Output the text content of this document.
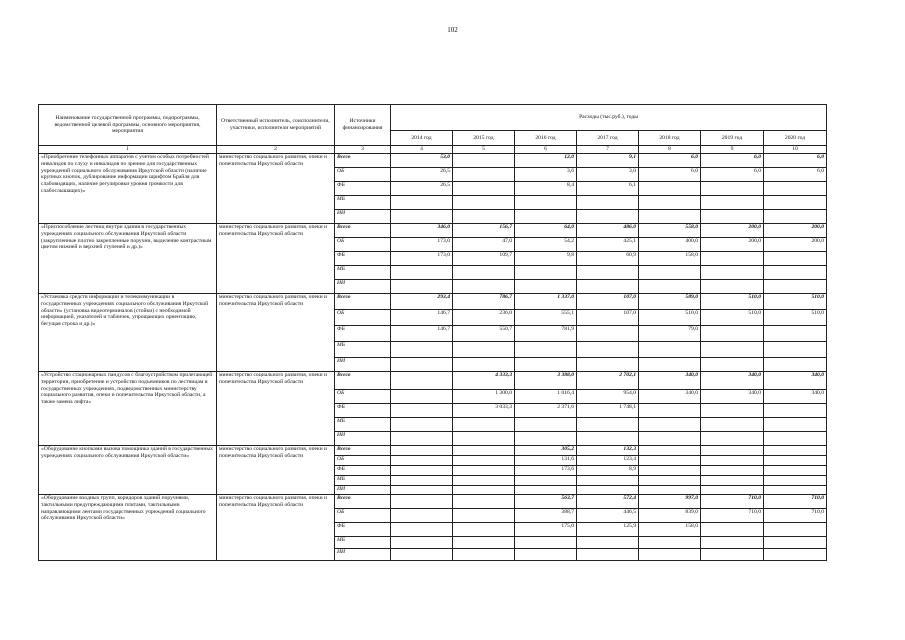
102
Наименование государственной программы, подпрограммы, ведомственной целевой программы, основного мероприятия, мероприятия	Ответственный исполнитель, соисполнители, участники, исполнители мероприятий	Источники финансирования	Расходы (тыс.руб.), годы						
			2014 год	2015 год	2016 год	2017 год	2018 год	2019 год	2020 год
1	2	3	4	5	6	7	8	9	10
«Приобретение телефонных аппаратов с учетом особых потребностей инвалидов по слуху и инвалидов по зрению для государственных учреждений социального обслуживания Иркутской области (наличие крупных кнопок, дублирование информации шрифтом Брайля для слабовидящих, наличие регулировки уровня громкости для слабослышащих)»	министерство социального развития, опеки и попечительства Иркутской области	Всего	53,0		12,0	9,1	6,0	6,0	6,0
		ОБ	26,5		3,6	3,0	6,0	6,0	6,0
		ФБ	26,5		8,4	6,1			
		МБ							
		ИИ							
«Приспособление лестниц внутри здания в государственных учреждениях социального обслуживания Иркутской области (закрупленные плотно закрепленные поручни, выделение контрастным цветом нижней и верхней ступеней и др.)»	министерство социального развития, опеки и попечительства Иркутской области	Всего	346,0	156,7	64,0	486,0	558,0	200,0	200,0
		ОБ	173,0	47,0	54,2	425,1	400,0	200,0	200,0
		ФБ	173,0	109,7	9,8	60,9	158,0		
		МБ							
		ИИ							
«Установка средств информации и телекоммуникации в государственных учреждениях социального обслуживания Иркутской области» (установка видеотерминалов (стойки) с необходимой информацией, указателей и табличек, упрощающих ориентацию, бегущая строка и др.)»	министерство социального развития, опеки и попечительства Иркутской области	Всего	293,4	786,7	1 337,0	107,0	589,0	510,0	510,0
		ОБ	146,7	236,0	555,1	107,0	510,0	510,0	510,0
		ФБ	146,7	550,7	781,9		79,0		
		МБ							
		ИИ							
«Устройство стационарных пандусов с благоустройством прилегающей территории, приобретение и устройство подъемников по лестницам в государственных учреждениях, подведомственных министерству социального развития, опеки и попечительства Иркутской области, а также замена лифта»	министерство социального развития, опеки и попечительства Иркутской области	Всего		4 333,3	3 388,0	2 702,1	340,0	340,0	340,0
		ОБ		1 300,0	1 016,4	954,0	340,0	340,0	340,0
		ФБ		3 033,3	2 371,6	1 748,1			
		МБ							
		ИИ							
«Оборудование кнопками вызова помощника зданий в государственных учреждениях социального обслуживания Иркутской области»	министерство социального развития, опеки и попечительства Иркутской области	Всего			305,2	132,3			
		ОБ			131,6	123,4			
		ФБ			173,6	8,9			
		МБ							
		ИИ							
«Оборудование входных групп, коридоров зданий поручнями, тактильными предупреждающими плитами, тактильными направляющими лентами государственных учреждений социального обслуживания Иркутской области»	министерство социального развития, опеки и попечительства Иркутской области	Всего			563,7	572,4	997,0	710,0	710,0
		ОБ			388,7	446,5	839,0	710,0	710,0
		ФБ			175,0	125,9	158,0		
		МБ							
		ИИ							
